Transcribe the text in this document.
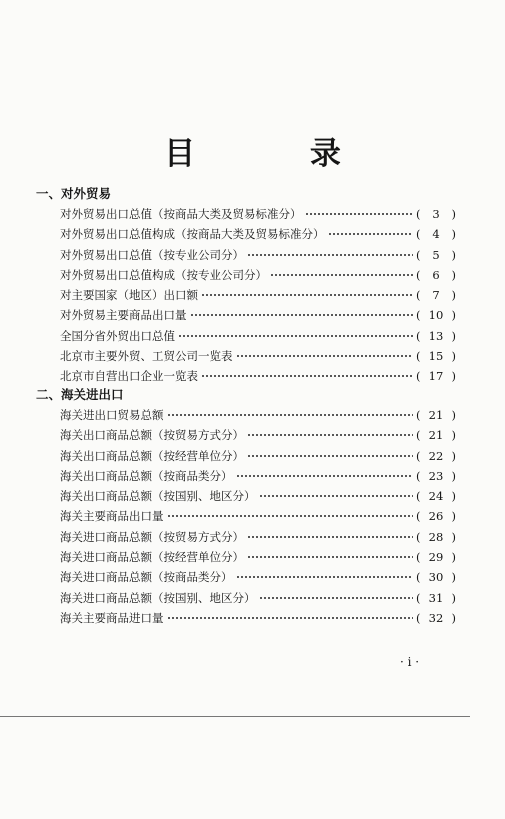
目 录
一、对外贸易
对外贸易出口总值（按商品大类及贸易标准分）	(	3	)
对外贸易出口总值构成（按商品大类及贸易标准分）	(	4	)
对外贸易出口总值（按专业公司分）	(	5	)
对外贸易出口总值构成（按专业公司分）	(	6	)
对主要国家（地区）出口额	(	7	)
对外贸易主要商品出口量	( 10 )
全国分省外贸出口总值	( 13 )
北京市主要外贸、工贸公司一览表	( 15 )
北京市自营出口企业一览表	( 17 )
二、海关进出口
海关进出口贸易总额	( 21 )
海关出口商品总额（按贸易方式分）	( 21 )
海关出口商品总额（按经营单位分）	( 22 )
海关出口商品总额（按商品类分）	( 23 )
海关出口商品总额（按国别、地区分）	( 24 )
海关主要商品出口量	( 26 )
海关进口商品总额（按贸易方式分）	( 28 )
海关进口商品总额（按经营单位分）	( 29 )
海关进口商品总额（按商品类分）	( 30 )
海关进口商品总额（按国别、地区分）	( 31 )
海关主要商品进口量	( 32 )
· i ·
